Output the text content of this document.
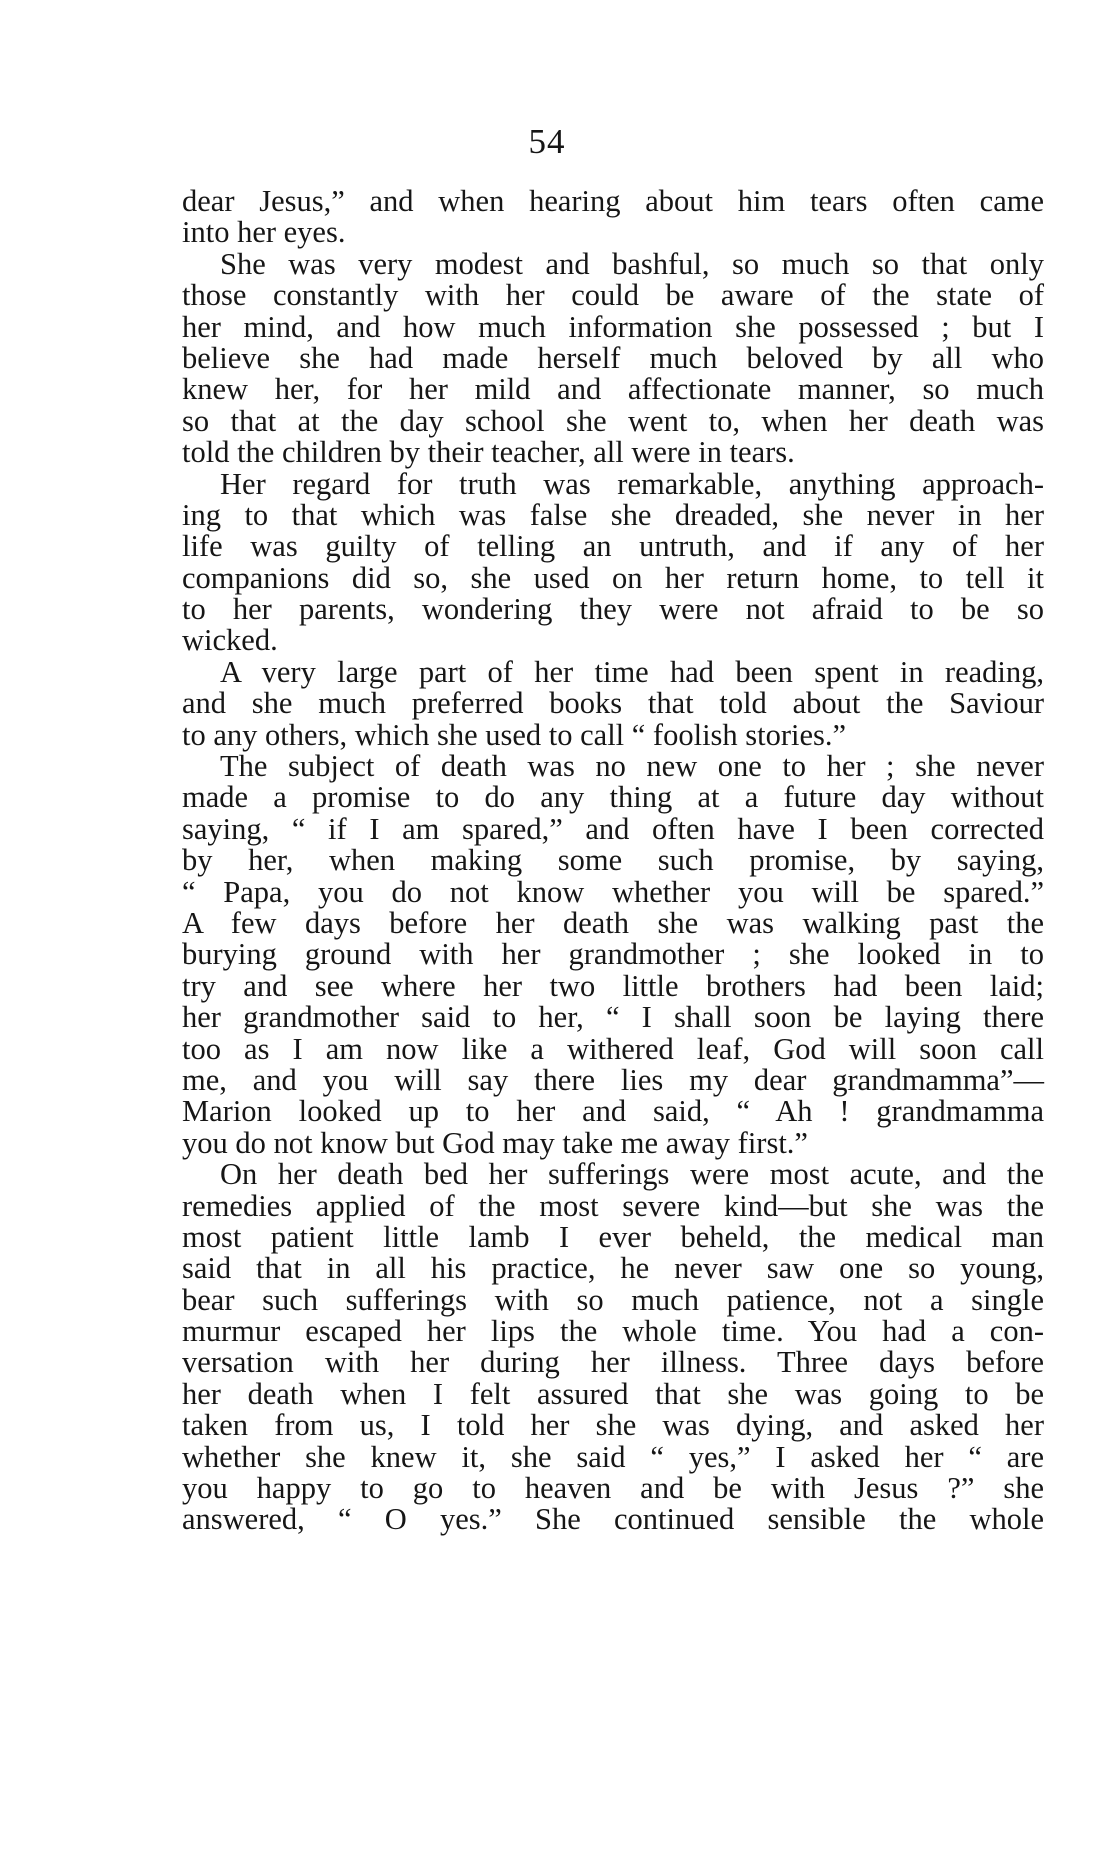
54
dear Jesus,” and when hearing about him tears often came
into her eyes.
She was very modest and bashful, so much so that only
those constantly with her could be aware of the state of
her mind, and how much information she possessed ; but I
believe she had made herself much beloved by all who
knew her, for her mild and affectionate manner, so much
so that at the day school she went to, when her death was
told the children by their teacher, all were in tears.
Her regard for truth was remarkable, anything approach-
ing to that which was false she dreaded, she never in her
life was guilty of telling an untruth, and if any of her
companions did so, she used on her return home, to tell it
to her parents, wondering they were not afraid to be so
wicked.
A very large part of her time had been spent in reading,
and she much preferred books that told about the Saviour
to any others, which she used to call “ foolish stories.”
The subject of death was no new one to her ; she never
made a promise to do any thing at a future day without
saying, “ if I am spared,” and often have I been corrected
by her, when making some such promise, by saying,
“ Papa, you do not know whether you will be spared.”
A few days before her death she was walking past the
burying ground with her grandmother ; she looked in to
try and see where her two little brothers had been laid;
her grandmother said to her, “ I shall soon be laying there
too as I am now like a withered leaf, God will soon call
me, and you will say there lies my dear grandmamma”—
Marion looked up to her and said, “ Ah ! grandmamma
you do not know but God may take me away first.”
On her death bed her sufferings were most acute, and the
remedies applied of the most severe kind—but she was the
most patient little lamb I ever beheld, the medical man
said that in all his practice, he never saw one so young,
bear such sufferings with so much patience, not a single
murmur escaped her lips the whole time. You had a con-
versation with her during her illness. Three days before
her death when I felt assured that she was going to be
taken from us, I told her she was dying, and asked her
whether she knew it, she said “ yes,” I asked her “ are
you happy to go to heaven and be with Jesus ?” she
answered, “ O yes.” She continued sensible the whole
